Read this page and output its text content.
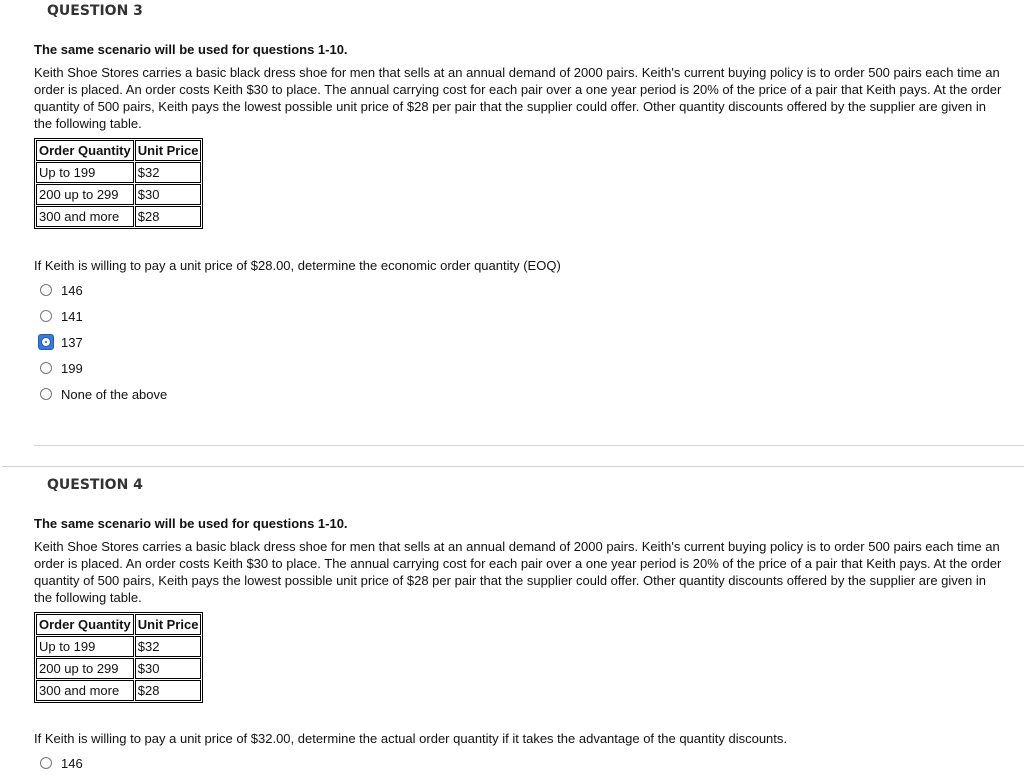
QUESTION 3
The same scenario will be used for questions 1-10.
Keith Shoe Stores carries a basic black dress shoe for men that sells at an annual demand of 2000 pairs. Keith's current buying policy is to order 500 pairs each time an order is placed. An order costs Keith $30 to place. The annual carrying cost for each pair over a one year period is 20% of the price of a pair that Keith pays. At the order quantity of 500 pairs, Keith pays the lowest possible unit price of $28 per pair that the supplier could offer. Other quantity discounts offered by the supplier are given in the following table.
Order Quantity	Unit Price
Up to 199	$32
200 up to 299	$30
300 and more	$28
If Keith is willing to pay a unit price of $28.00, determine the economic order quantity (EOQ)
146
141
137
199
None of the above
QUESTION 4
The same scenario will be used for questions 1-10.
Keith Shoe Stores carries a basic black dress shoe for men that sells at an annual demand of 2000 pairs. Keith's current buying policy is to order 500 pairs each time an order is placed. An order costs Keith $30 to place. The annual carrying cost for each pair over a one year period is 20% of the price of a pair that Keith pays. At the order quantity of 500 pairs, Keith pays the lowest possible unit price of $28 per pair that the supplier could offer. Other quantity discounts offered by the supplier are given in the following table.
Order Quantity	Unit Price
Up to 199	$32
200 up to 299	$30
300 and more	$28
If Keith is willing to pay a unit price of $32.00, determine the actual order quantity if it takes the advantage of the quantity discounts.
146
